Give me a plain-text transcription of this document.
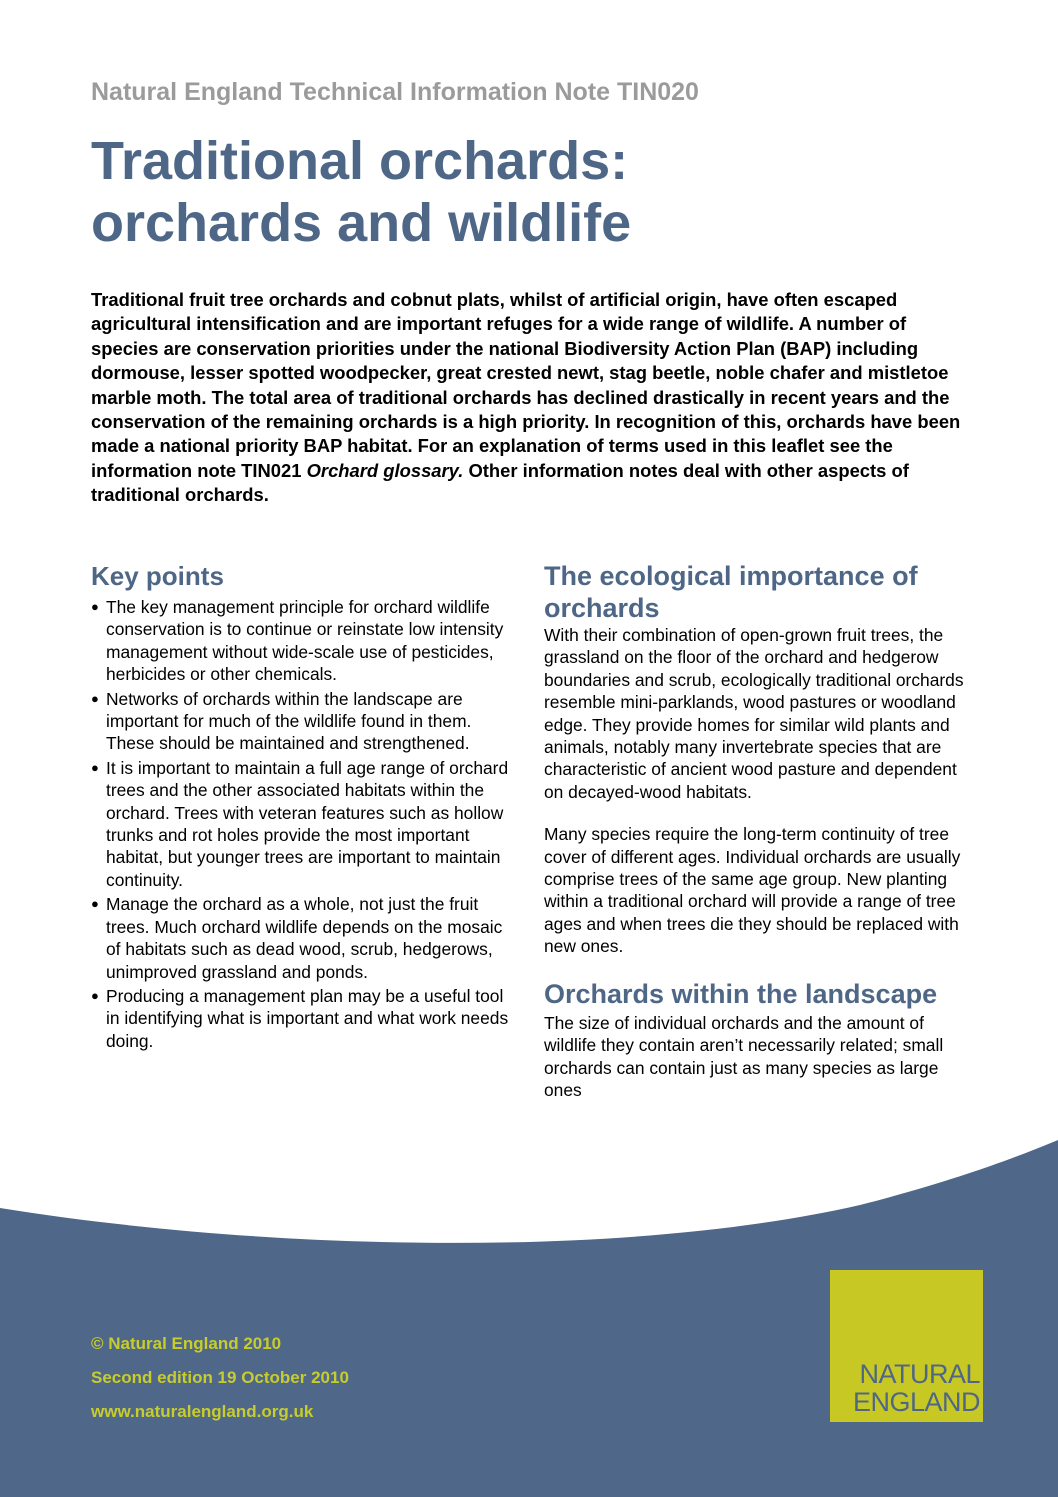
Natural England Technical Information Note TIN020
Traditional orchards:
orchards and wildlife

Traditional fruit tree orchards and cobnut plats, whilst of artificial origin, have often escaped agricultural intensification and are important refuges for a wide range of wildlife. A number of species are conservation priorities under the national Biodiversity Action Plan (BAP) including dormouse, lesser spotted woodpecker, great crested newt, stag beetle, noble chafer and mistletoe marble moth. The total area of traditional orchards has declined drastically in recent years and the conservation of the remaining orchards is a high priority. In recognition of this, orchards have been made a national priority BAP habitat. For an explanation of terms used in this leaflet see the information note TIN021 Orchard glossary. Other information notes deal with other aspects of traditional orchards.

Key points
● The key management principle for orchard wildlife conservation is to continue or reinstate low intensity management without wide-scale use of pesticides, herbicides or other chemicals.
● Networks of orchards within the landscape are important for much of the wildlife found in them. These should be maintained and strengthened.
● It is important to maintain a full age range of orchard trees and the other associated habitats within the orchard. Trees with veteran features such as hollow trunks and rot holes provide the most important habitat, but younger trees are important to maintain continuity.
● Manage the orchard as a whole, not just the fruit trees. Much orchard wildlife depends on the mosaic of habitats such as dead wood, scrub, hedgerows, unimproved grassland and ponds.
● Producing a management plan may be a useful tool in identifying what is important and what work needs doing.
The ecological importance of orchards

With their combination of open-grown fruit trees, the grassland on the floor of the orchard and hedgerow boundaries and scrub, ecologically traditional orchards resemble mini-parklands, wood pastures or woodland edge. They provide homes for similar wild plants and animals, notably many invertebrate species that are characteristic of ancient wood pasture and dependent on decayed-wood habitats.

Many species require the long-term continuity of tree cover of different ages. Individual orchards are usually comprise trees of the same age group. New planting within a traditional orchard will provide a range of tree ages and when trees die they should be replaced with new ones.

Orchards within the landscape

The size of individual orchards and the amount of wildlife they contain aren’t necessarily related; small orchards can contain just as many species as large ones

© Natural England 2010
Second edition 19 October 2010
www.naturalengland.org.uk
NATURAL
ENGLAND
